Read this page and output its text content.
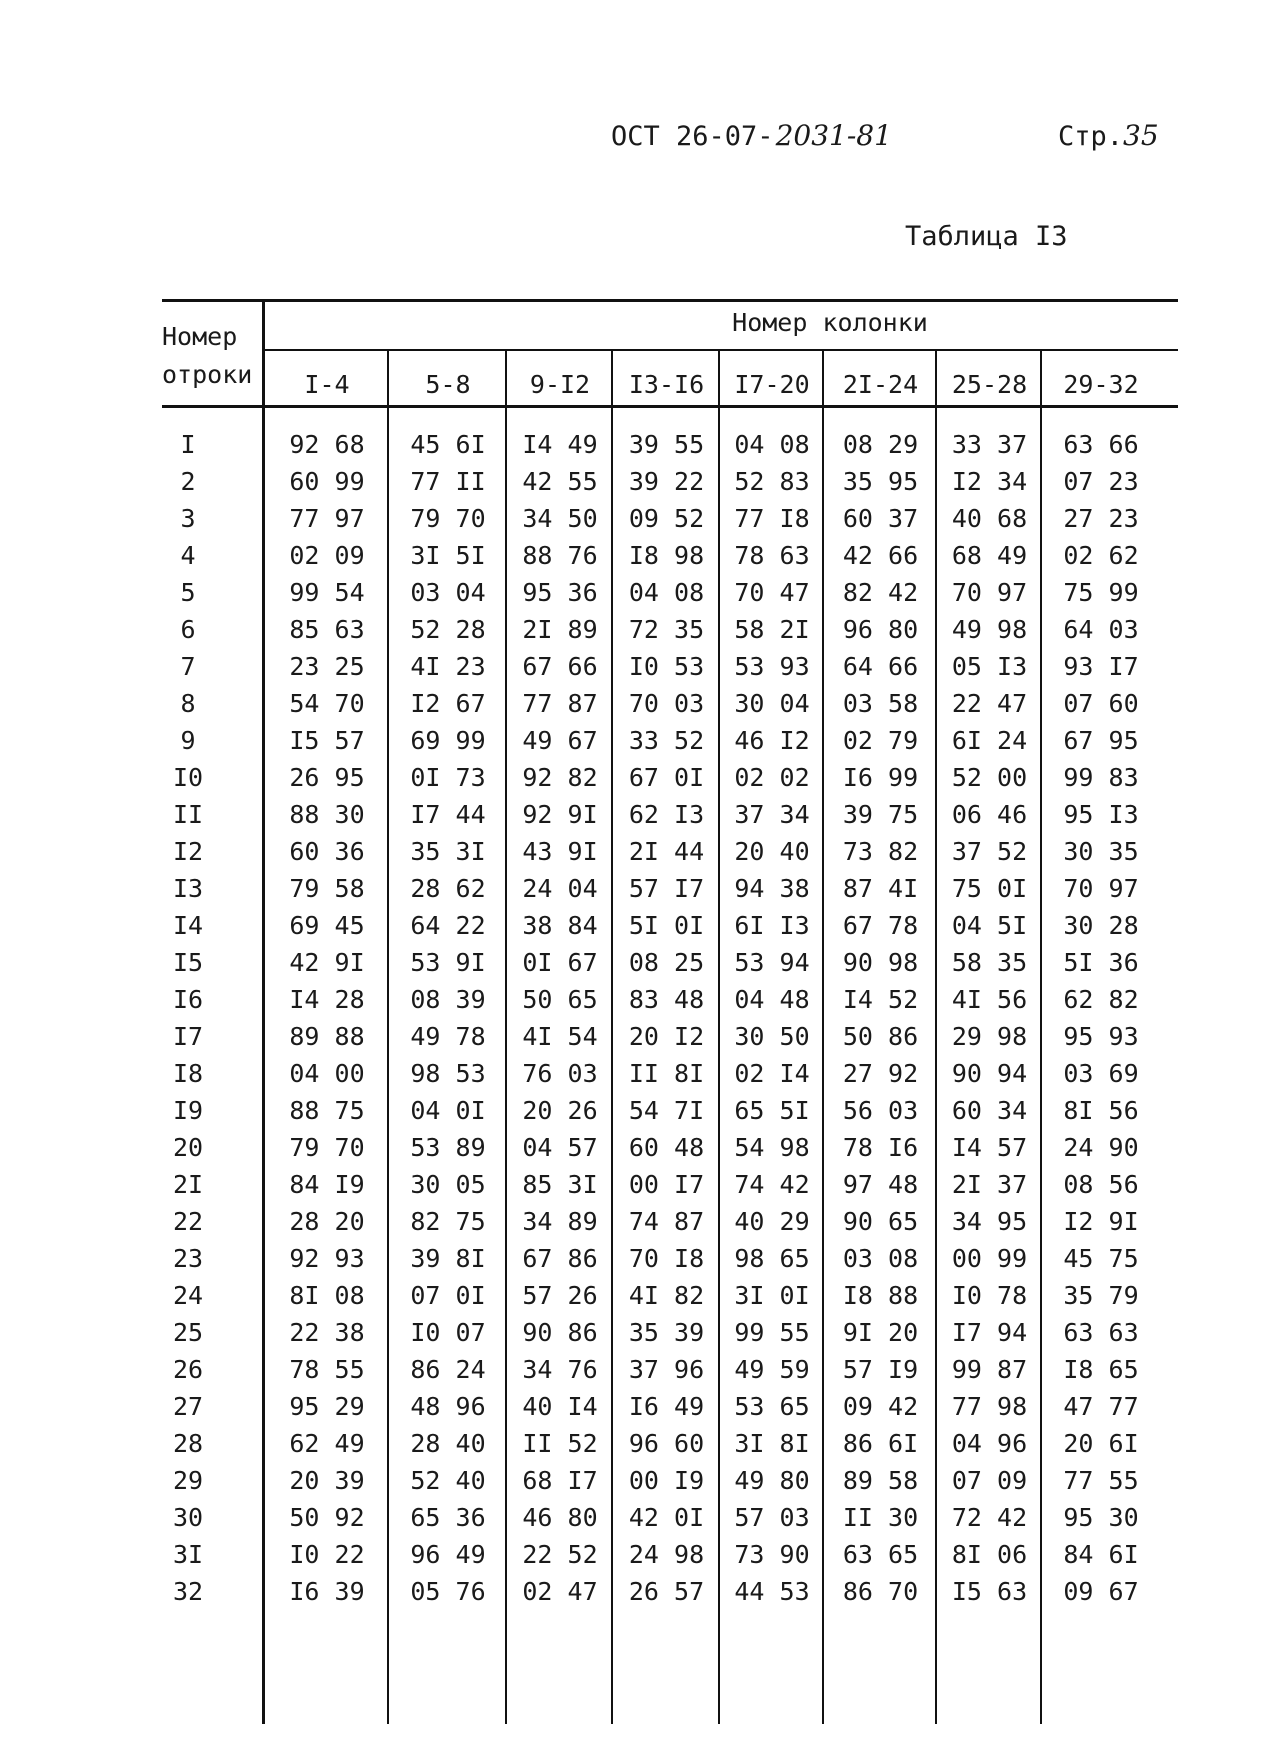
ОСТ 26-07-2031-81	Стр.35
Таблица I3
Номер
отроки
Номер колонки
I-4	5-8	9-I2	I3-I6	I7-20	2I-24	25-28	29-32
I	92 68	45 6I	I4 49	39 55	04 08	08 29	33 37	63 66
2	60 99	77 II	42 55	39 22	52 83	35 95	I2 34	07 23
3	77 97	79 70	34 50	09 52	77 I8	60 37	40 68	27 23
4	02 09	3I 5I	88 76	I8 98	78 63	42 66	68 49	02 62
5	99 54	03 04	95 36	04 08	70 47	82 42	70 97	75 99
6	85 63	52 28	2I 89	72 35	58 2I	96 80	49 98	64 03
7	23 25	4I 23	67 66	I0 53	53 93	64 66	05 I3	93 I7
8	54 70	I2 67	77 87	70 03	30 04	03 58	22 47	07 60
9	I5 57	69 99	49 67	33 52	46 I2	02 79	6I 24	67 95
I0	26 95	0I 73	92 82	67 0I	02 02	I6 99	52 00	99 83
II	88 30	I7 44	92 9I	62 I3	37 34	39 75	06 46	95 I3
I2	60 36	35 3I	43 9I	2I 44	20 40	73 82	37 52	30 35
I3	79 58	28 62	24 04	57 I7	94 38	87 4I	75 0I	70 97
I4	69 45	64 22	38 84	5I 0I	6I I3	67 78	04 5I	30 28
I5	42 9I	53 9I	0I 67	08 25	53 94	90 98	58 35	5I 36
I6	I4 28	08 39	50 65	83 48	04 48	I4 52	4I 56	62 82
I7	89 88	49 78	4I 54	20 I2	30 50	50 86	29 98	95 93
I8	04 00	98 53	76 03	II 8I	02 I4	27 92	90 94	03 69
I9	88 75	04 0I	20 26	54 7I	65 5I	56 03	60 34	8I 56
20	79 70	53 89	04 57	60 48	54 98	78 I6	I4 57	24 90
2I	84 I9	30 05	85 3I	00 I7	74 42	97 48	2I 37	08 56
22	28 20	82 75	34 89	74 87	40 29	90 65	34 95	I2 9I
23	92 93	39 8I	67 86	70 I8	98 65	03 08	00 99	45 75
24	8I 08	07 0I	57 26	4I 82	3I 0I	I8 88	I0 78	35 79
25	22 38	I0 07	90 86	35 39	99 55	9I 20	I7 94	63 63
26	78 55	86 24	34 76	37 96	49 59	57 I9	99 87	I8 65
27	95 29	48 96	40 I4	I6 49	53 65	09 42	77 98	47 77
28	62 49	28 40	II 52	96 60	3I 8I	86 6I	04 96	20 6I
29	20 39	52 40	68 I7	00 I9	49 80	89 58	07 09	77 55
30	50 92	65 36	46 80	42 0I	57 03	II 30	72 42	95 30
3I	I0 22	96 49	22 52	24 98	73 90	63 65	8I 06	84 6I
32	I6 39	05 76	02 47	26 57	44 53	86 70	I5 63	09 67
